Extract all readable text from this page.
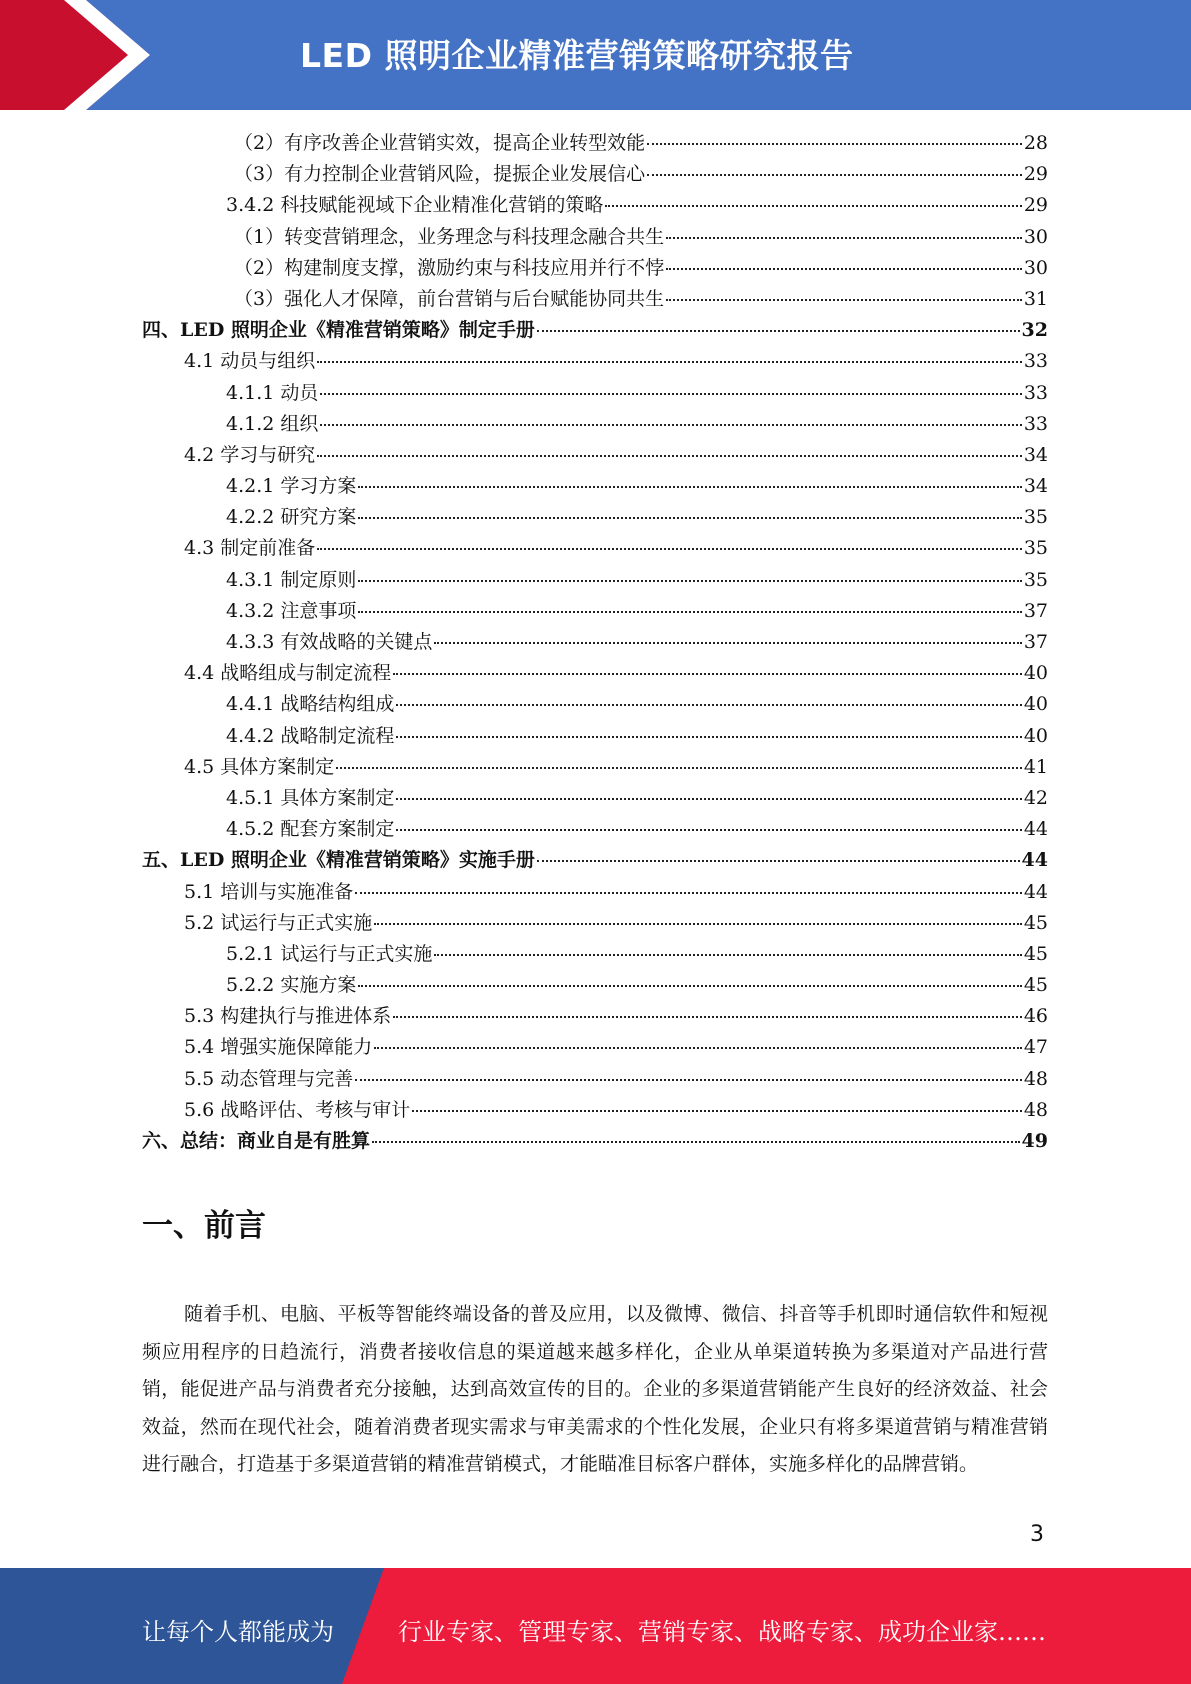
LED 照明企业精准营销策略研究报告
（2）有序改善企业营销实效，提高企业转型效能	28
（3）有力控制企业营销风险，提振企业发展信心	29
3.4.2 科技赋能视域下企业精准化营销的策略	29
（1）转变营销理念，业务理念与科技理念融合共生	30
（2）构建制度支撑，激励约束与科技应用并行不悖	30
（3）强化人才保障，前台营销与后台赋能协同共生	31
四、LED 照明企业《精准营销策略》制定手册	32
4.1 动员与组织	33
4.1.1 动员	33
4.1.2 组织	33
4.2 学习与研究	34
4.2.1 学习方案	34
4.2.2 研究方案	35
4.3 制定前准备	35
4.3.1 制定原则	35
4.3.2 注意事项	37
4.3.3 有效战略的关键点	37
4.4 战略组成与制定流程	40
4.4.1 战略结构组成	40
4.4.2 战略制定流程	40
4.5 具体方案制定	41
4.5.1 具体方案制定	42
4.5.2 配套方案制定	44
五、LED 照明企业《精准营销策略》实施手册	44
5.1 培训与实施准备	44
5.2 试运行与正式实施	45
5.2.1 试运行与正式实施	45
5.2.2 实施方案	45
5.3 构建执行与推进体系	46
5.4 增强实施保障能力	47
5.5 动态管理与完善	48
5.6 战略评估、考核与审计	48
六、总结：商业自是有胜算	49
一、前言

随着手机、电脑、平板等智能终端设备的普及应用，以及微博、微信、抖音等手机即时通信软件和短视频应用程序的日趋流行，消费者接收信息的渠道越来越多样化，企业从单渠道转换为多渠道对产品进行营销，能促进产品与消费者充分接触，达到高效宣传的目的。企业的多渠道营销能产生良好的经济效益、社会效益，然而在现代社会，随着消费者现实需求与审美需求的个性化发展，企业只有将多渠道营销与精准营销进行融合，打造基于多渠道营销的精准营销模式，才能瞄准目标客户群体，实施多样化的品牌营销。

3
让每个人都能成为	行业专家、管理专家、营销专家、战略专家、成功企业家……
